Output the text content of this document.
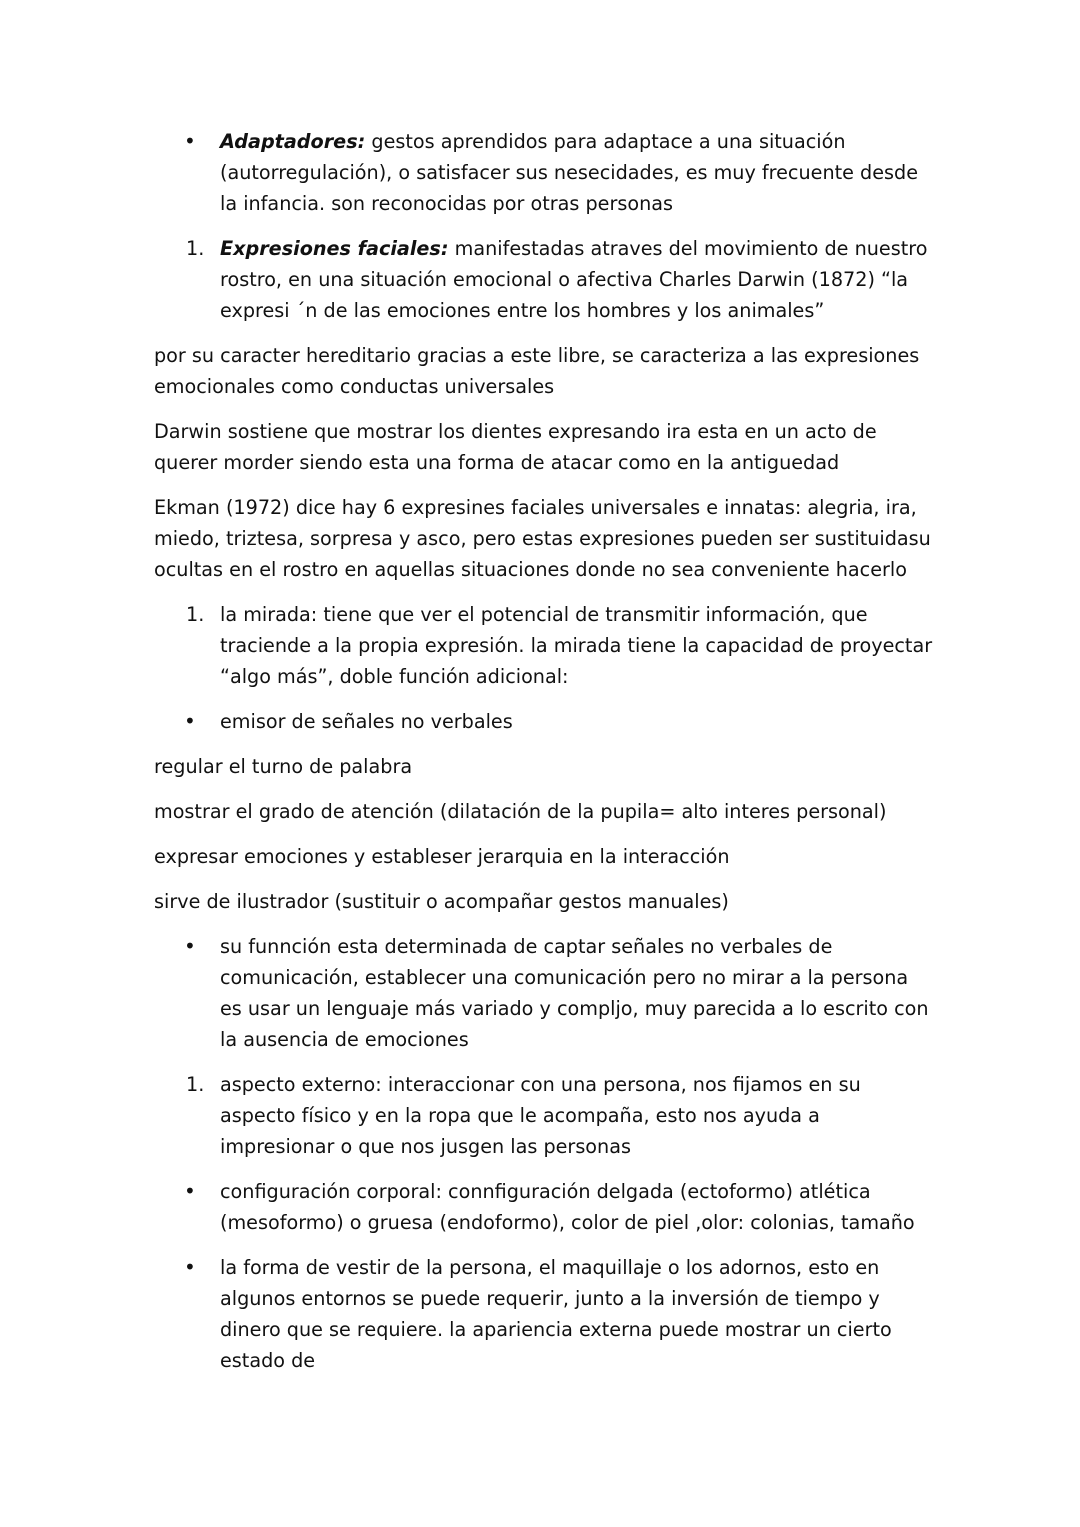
•	Adaptadores: gestos aprendidos para adaptace a una situación (autorregulación), o satisfacer sus nesecidades, es muy frecuente desde la infancia. son reconocidas por otras personas
1. Expresiones faciales: manifestadas atraves del movimiento de nuestro rostro, en una situación emocional o afectiva Charles Darwin (1872) “la expresi ´n de las emociones entre los hombres y los animales”

por su caracter hereditario gracias a este libre, se caracteriza a las expresiones emocionales como conductas universales

Darwin sostiene que mostrar los dientes expresando ira esta en un acto de querer morder siendo esta una forma de atacar como en la antiguedad

Ekman (1972) dice hay 6 expresines faciales universales e innatas: alegria, ira, miedo, triztesa, sorpresa y asco, pero estas expresiones pueden ser sustituidasu ocultas en el rostro en aquellas situaciones donde no sea conveniente hacerlo

1. la mirada: tiene que ver el potencial de transmitir información, que traciende a la propia expresión. la mirada tiene la capacidad de proyectar “algo más”, doble función adicional:
•	emisor de señales no verbales

regular el turno de palabra

mostrar el grado de atención (dilatación de la pupila= alto interes personal)

expresar emociones y estableser jerarquia en la interacción

sirve de ilustrador (sustituir o acompañar gestos manuales)

•	su funnción esta determinada de captar señales no verbales de comunicación, establecer una comunicación pero no mirar a la persona es usar un lenguaje más variado y compljo, muy parecida a lo escrito con la ausencia de emociones
1. aspecto externo: interaccionar con una persona, nos fijamos en su aspecto físico y en la ropa que le acompaña, esto nos ayuda a impresionar o que nos jusgen las personas
•	configuración corporal: connfiguración delgada (ectoformo) atlética (mesoformo) o gruesa (endoformo), color de piel ,olor: colonias, tamaño
•	la forma de vestir de la persona, el maquillaje o los adornos, esto en algunos entornos se puede requerir, junto a la inversión de tiempo y dinero que se requiere. la apariencia externa puede mostrar un cierto estado de
